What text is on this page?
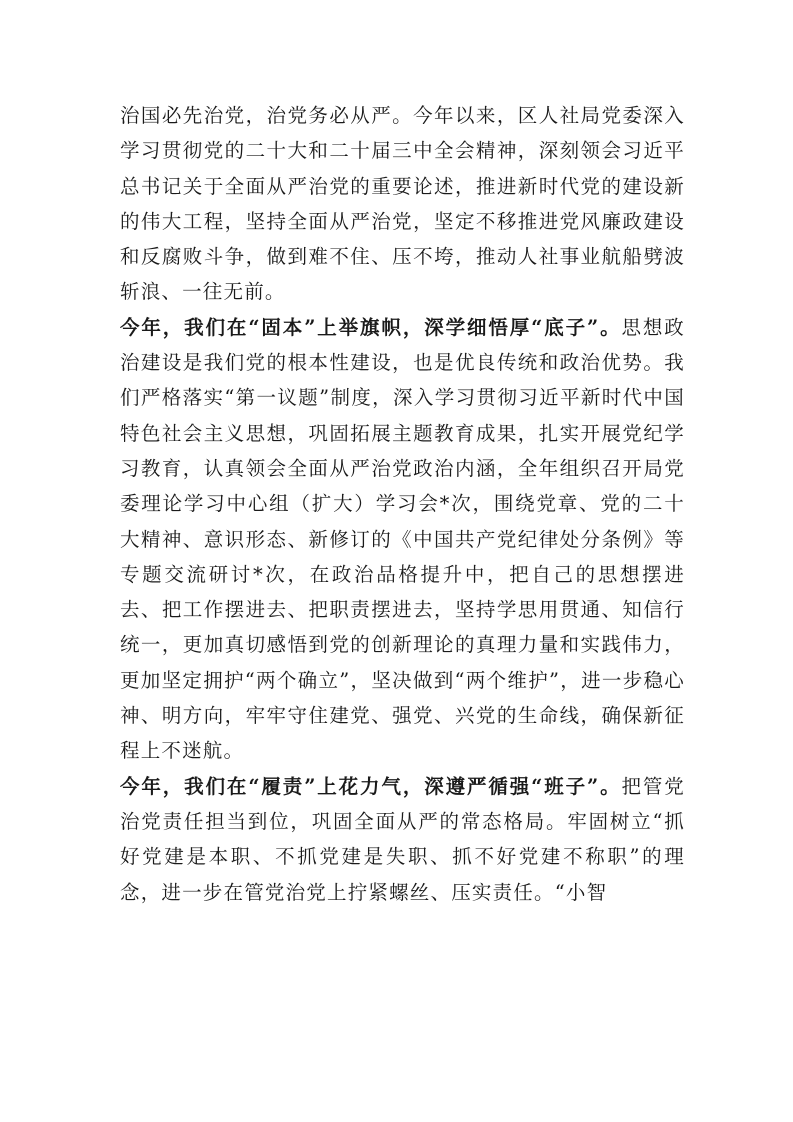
治国必先治党，治党务必从严。今年以来，区人社局党委深入学习贯彻党的二十大和二十届三中全会精神，深刻领会习近平总书记关于全面从严治党的重要论述，推进新时代党的建设新的伟大工程，坚持全面从严治党，坚定不移推进党风廉政建设和反腐败斗争，做到难不住、压不垮，推动人社事业航船劈波斩浪、一往无前。

今年，我们在“固本”上举旗帜，深学细悟厚“底子”。思想政治建设是我们党的根本性建设，也是优良传统和政治优势。我们严格落实“第一议题”制度，深入学习贯彻习近平新时代中国特色社会主义思想，巩固拓展主题教育成果，扎实开展党纪学习教育，认真领会全面从严治党政治内涵，全年组织召开局党委理论学习中心组（扩大）学习会*次，围绕党章、党的二十大精神、意识形态、新修订的《中国共产党纪律处分条例》等专题交流研讨*次，在政治品格提升中，把自己的思想摆进去、把工作摆进去、把职责摆进去，坚持学思用贯通、知信行统一，更加真切感悟到党的创新理论的真理力量和实践伟力，更加坚定拥护“两个确立”，坚决做到“两个维护”，进一步稳心神、明方向，牢牢守住建党、强党、兴党的生命线，确保新征程上不迷航。

今年，我们在“履责”上花力气，深遵严循强“班子”。把管党治党责任担当到位，巩固全面从严的常态格局。牢固树立“抓好党建是本职、不抓党建是失职、抓不好党建不称职”的理念，进一步在管党治党上拧紧螺丝、压实责任。“小智
